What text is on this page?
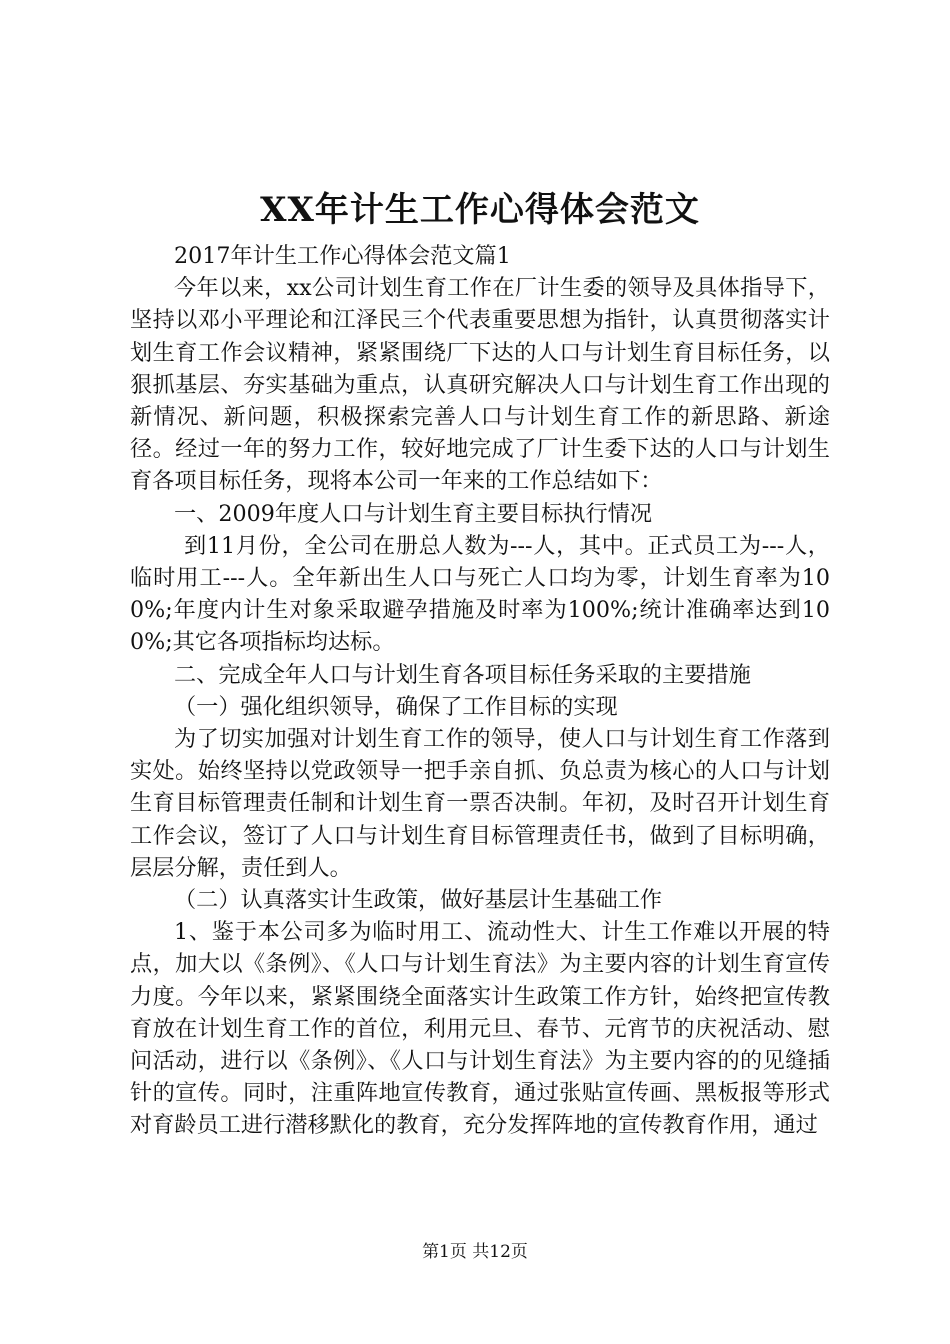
XX年计生工作心得体会范文

2017年计生工作心得体会范文篇1

今年以来，xx公司计划生育工作在厂计生委的领导及具体指导下，坚持以邓小平理论和江泽民三个代表重要思想为指针，认真贯彻落实计划生育工作会议精神，紧紧围绕厂下达的人口与计划生育目标任务，以狠抓基层、夯实基础为重点，认真研究解决人口与计划生育工作出现的新情况、新问题，积极探索完善人口与计划生育工作的新思路、新途径。经过一年的努力工作，较好地完成了厂计生委下达的人口与计划生育各项目标任务，现将本公司一年来的工作总结如下：

一、2009年度人口与计划生育主要目标执行情况

到11月份，全公司在册总人数为---人，其中。正式员工为---人，临时用工---人。全年新出生人口与死亡人口均为零，计划生育率为100%;年度内计生对象采取避孕措施及时率为100%;统计准确率达到100%;其它各项指标均达标。

二、完成全年人口与计划生育各项目标任务采取的主要措施

（一）强化组织领导，确保了工作目标的实现

为了切实加强对计划生育工作的领导，使人口与计划生育工作落到实处。始终坚持以党政领导一把手亲自抓、负总责为核心的人口与计划生育目标管理责任制和计划生育一票否决制。年初，及时召开计划生育工作会议，签订了人口与计划生育目标管理责任书，做到了目标明确，层层分解，责任到人。

（二）认真落实计生政策，做好基层计生基础工作

1、鉴于本公司多为临时用工、流动性大、计生工作难以开展的特点，加大以《条例》、《人口与计划生育法》为主要内容的计划生育宣传力度。今年以来，紧紧围绕全面落实计生政策工作方针，始终把宣传教育放在计划生育工作的首位，利用元旦、春节、元宵节的庆祝活动、慰问活动，进行以《条例》、《人口与计划生育法》为主要内容的的见缝插针的宣传。同时，注重阵地宣传教育，通过张贴宣传画、黑板报等形式对育龄员工进行潜移默化的教育，充分发挥阵地的宣传教育作用，通过

第1页 共12页
